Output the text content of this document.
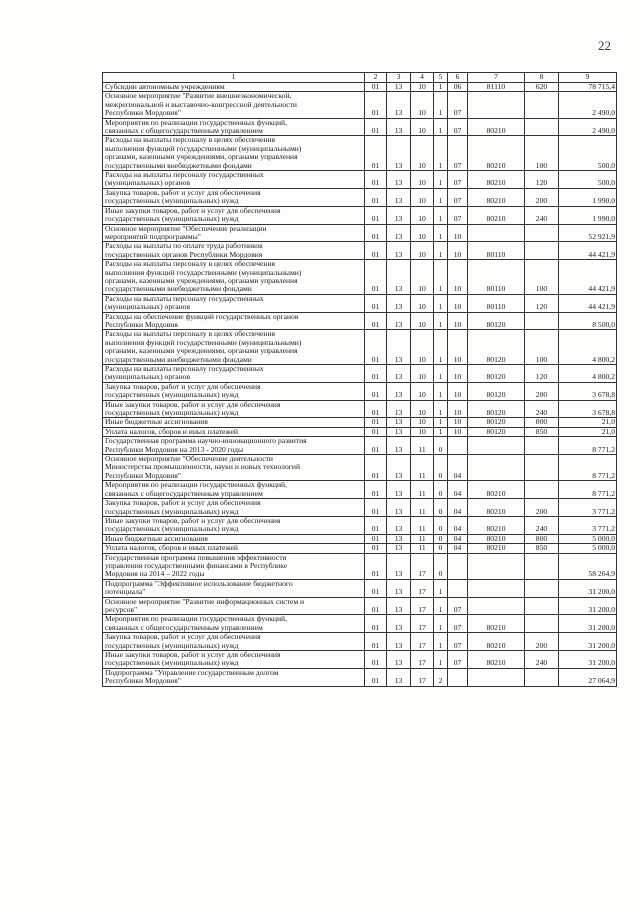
22
1	2	3	4	5	6	7	8	9

Субсидии автономным учреждениям	01	13	10	1	06	81110	620	78 715,4

Основное мероприятие "Развитие внешнеэкономической,
межрегиональной и выставочно-конгрессной деятельности
Республики Мордовия"	01	13	10	1	07			2 490,0

Мероприятия по реализации государственных функций,
связанных с общегосударственным управлением	01	13	10	1	07	80210		2 490,0

Расходы на выплаты персоналу в целях обеспечения
выполнения функций государственными (муниципальными)
органами, казенными учреждениями, органами управления
государственными внебюджетными фондами	01	13	10	1	07	80210	100	500,0

Расходы на выплаты персоналу государственных
(муниципальных) органов	01	13	10	1	07	80210	120	500,0

Закупка товаров, работ и услуг для обеспечения
государственных (муниципальных) нужд	01	13	10	1	07	80210	200	1 990,0

Иные закупки товаров, работ и услуг для обеспечения
государственных (муниципальных) нужд	01	13	10	1	07	80210	240	1 990,0

Основное мероприятие "Обеспечение реализации
мероприятий подпрограммы"	01	13	10	1	10			52 921,9

Расходы на выплаты по оплате труда работников
государственных органов Республики Мордовия	01	13	10	1	10	80110		44 421,9

Расходы на выплаты персоналу в целях обеспечения
выполнения функций государственными (муниципальными)
органами, казенными учреждениями, органами управления
государственными внебюджетными фондами	01	13	10	1	10	80110	100	44 421,9

Расходы на выплаты персоналу государственных
(муниципальных) органов	01	13	10	1	10	80110	120	44 421,9

Расходы на обеспечение функций государственных органов
Республики Мордовия	01	13	10	1	10	80120		8 500,0

Расходы на выплаты персоналу в целях обеспечения
выполнения функций государственными (муниципальными)
органами, казенными учреждениями, органами управления
государственными внебюджетными фондами	01	13	10	1	10	80120	100	4 800,2

Расходы на выплаты персоналу государственных
(муниципальных) органов	01	13	10	1	10	80120	120	4 800,2

Закупка товаров, работ и услуг для обеспечения
государственных (муниципальных) нужд	01	13	10	1	10	80120	200	3 678,8

Иные закупки товаров, работ и услуг для обеспечения
государственных (муниципальных) нужд	01	13	10	1	10	80120	240	3 678,8

Иные бюджетные ассигнования	01	13	10	1	10	80120	800	21,0

Уплата налогов, сборов и иных платежей	01	13	10	1	10	80120	850	21,0

Государственная программа научно-инновационного развития
Республики Мордовия на 2013 - 2020 годы	01	13	11	0				8 771,2

Основное мероприятие "Обеспечение деятельности
Министерства промышленности, науки и новых технологий
Республики Мордовия"	01	13	11	0	04			8 771,2

Мероприятия по реализации государственных функций,
связанных с общегосударственным управлением	01	13	11	0	04	80210		8 771,2

Закупка товаров, работ и услуг для обеспечения
государственных (муниципальных) нужд	01	13	11	0	04	80210	200	3 771,2

Иные закупки товаров, работ и услуг для обеспечения
государственных (муниципальных) нужд	01	13	11	0	04	80210	240	3 771,2

Иные бюджетные ассигнования	01	13	11	0	04	80210	800	5 000,0

Уплата налогов, сборов и иных платежей	01	13	11	0	04	80210	850	5 000,0

Государственная программа повышения эффективности
управления государственными финансами в Республике
Мордовия на 2014 – 2022 годы	01	13	17	0				58 264,9

Подпрограмма "Эффективное использование бюджетного
потенциала"	01	13	17	1				31 200,0

Основное мероприятие "Развитие информационных систем и
ресурсов"	01	13	17	1	07			31 200,0

Мероприятия по реализации государственных функций,
связанных с общегосударственным управлением	01	13	17	1	07	80210		31 200,0

Закупка товаров, работ и услуг для обеспечения
государственных (муниципальных) нужд	01	13	17	1	07	80210	200	31 200,0

Иные закупки товаров, работ и услуг для обеспечения
государственных (муниципальных) нужд	01	13	17	1	07	80210	240	31 200,0

Подпрограмма "Управление государственным долгом
Республики Мордовия"	01	13	17	2				27 064,9
